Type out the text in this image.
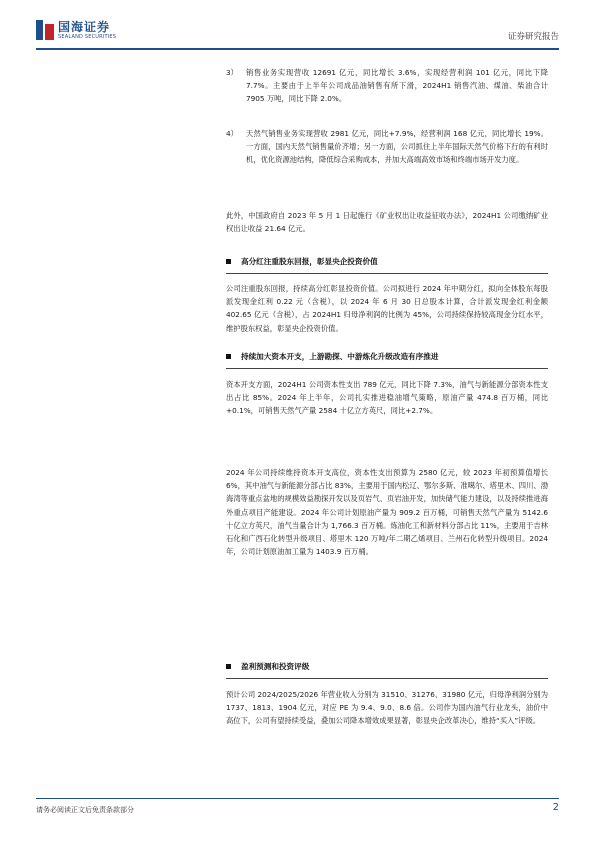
国海证券
SEALAND SECURITIES	证券研究报告
3） 销售业务实现营收 12691 亿元，同比增长 3.6%，实现经营利润 101 亿元，同比下降 7.7%。主要由于上半年公司成品油销售有所下滑，2024H1 销售汽油、煤油、柴油合计 7905 万吨，同比下降 2.0%。

4） 天然气销售业务实现营收 2981 亿元，同比+7.9%，经营利润 168 亿元，同比增长 19%。一方面，国内天然气销售量价齐增；另一方面，公司抓住上半年国际天然气价格下行的有利时机，优化资源池结构，降低综合采购成本，并加大高端高效市场和终端市场开发力度。

此外，中国政府自 2023 年 5 月 1 日起施行《矿业权出让收益征收办法》，2024H1 公司缴纳矿业权出让收益 21.64 亿元。

高分红注重股东回报，彰显央企投资价值

公司注重股东回报，持续高分红彰显投资价值。公司拟进行 2024 年中期分红，拟向全体股东每股派发现金红利 0.22 元（含税），以 2024 年 6 月 30 日总股本计算，合计派发现金红利金额 402.65 亿元（含税），占 2024H1 归母净利润的比例为 45%，公司持续保持较高现金分红水平，维护股东权益，彰显央企投资价值。

持续加大资本开支，上游勘探、中游炼化升级改造有序推进

资本开支方面，2024H1 公司资本性支出 789 亿元，同比下降 7.3%，油气与新能源分部资本性支出占比 85%。2024 年上半年，公司扎实推进稳油增气策略，原油产量 474.8 百万桶，同比+0.1%，可销售天然气产量 2584 十亿立方英尺，同比+2.7%。

2024 年公司持续维持资本开支高位，资本性支出预算为 2580 亿元，较 2023 年初预算值增长 6%，其中油气与新能源分部占比 83%，主要用于国内松辽、鄂尔多斯、准噶尔、塔里木、四川、渤海湾等重点盆地的规模效益勘探开发以及页岩气、页岩油开发，加快储气能力建设，以及持续推进海外重点项目产能建设。2024 年公司计划原油产量为 909.2 百万桶，可销售天然气产量为 5142.6 十亿立方英尺，油气当量合计为 1,766.3 百万桶。炼油化工和新材料分部占比 11%，主要用于吉林石化和广西石化转型升级项目、塔里木 120 万吨/年二期乙烯项目、兰州石化转型升级项目。2024 年，公司计划原油加工量为 1403.9 百万桶。

盈利预测和投资评级

预计公司 2024/2025/2026 年营业收入分别为 31510、31276、31980 亿元，归母净利润分别为 1737、1813、1904 亿元，对应 PE 为 9.4、9.0、8.6 倍。公司作为国内油气行业龙头，油价中高位下，公司有望持续受益，叠加公司降本增效成果显著，彰显央企改革决心，维持“买入”评级。

请务必阅读正文后免责条款部分	2
